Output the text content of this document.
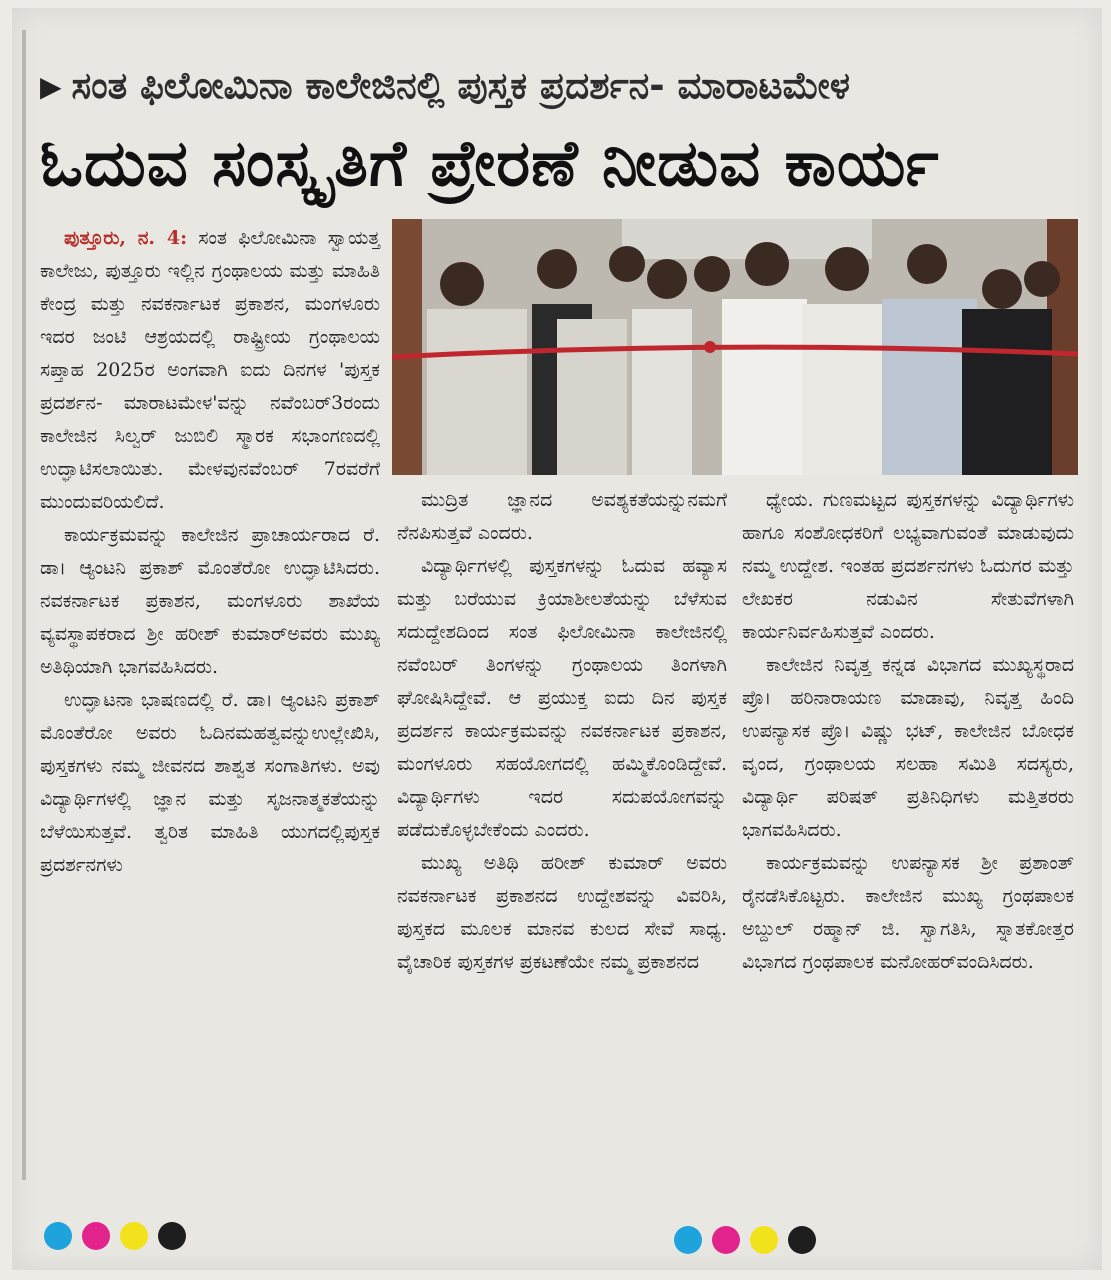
▶ ಸಂತ ಫಿಲೋಮಿನಾ ಕಾಲೇಜಿನಲ್ಲಿ ಪುಸ್ತಕ ಪ್ರದರ್ಶನ- ಮಾರಾಟಮೇಳ
ಓದುವ ಸಂಸ್ಕೃತಿಗೆ ಪ್ರೇರಣೆ ನೀಡುವ ಕಾರ್ಯ

ಪುತ್ತೂರು, ನ. 4: ಸಂತ ಫಿಲೋಮಿನಾ ಸ್ವಾಯತ್ತ ಕಾಲೇಜು, ಪುತ್ತೂರು ಇಲ್ಲಿನ ಗ್ರಂಥಾಲಯ ಮತ್ತು ಮಾಹಿತಿ ಕೇಂದ್ರ ಮತ್ತು ನವಕರ್ನಾಟಕ ಪ್ರಕಾಶನ, ಮಂಗಳೂರು ಇದರ ಜಂಟಿ ಆಶ್ರಯದಲ್ಲಿ ರಾಷ್ಟ್ರೀಯ ಗ್ರಂಥಾಲಯ ಸಪ್ತಾಹ 2025ರ ಅಂಗವಾಗಿ ಐದು ದಿನಗಳ 'ಪುಸ್ತಕ ಪ್ರದರ್ಶನ- ಮಾರಾಟಮೇಳ'ವನ್ನು ನವೆಂಬರ್3ರಂದು ಕಾಲೇಜಿನ ಸಿಲ್ವರ್ ಜುಬಿಲಿ ಸ್ಮಾರಕ ಸಭಾಂಗಣದಲ್ಲಿ ಉದ್ಘಾಟಿಸಲಾಯಿತು. ಮೇಳವುನವೆಂಬರ್ 7ರವರೆಗೆ ಮುಂದುವರಿಯಲಿದೆ.

ಕಾರ್ಯಕ್ರಮವನ್ನು ಕಾಲೇಜಿನ ಪ್ರಾಚಾರ್ಯರಾದ ರೆ. ಡಾ। ಆ್ಯಂಟನಿ ಪ್ರಕಾಶ್ ಮೊಂತೆರೋ ಉದ್ಘಾಟಿಸಿದರು. ನವಕರ್ನಾಟಕ ಪ್ರಕಾಶನ, ಮಂಗಳೂರು ಶಾಖೆಯ ವ್ಯವಸ್ಥಾಪಕರಾದ ಶ್ರೀ ಹರೀಶ್ ಕುಮಾರ್‌ಅವರು ಮುಖ್ಯ ಅತಿಥಿಯಾಗಿ ಭಾಗವಹಿಸಿದರು.

ಉದ್ಘಾಟನಾ ಭಾಷಣದಲ್ಲಿ ರೆ. ಡಾ। ಆ್ಯಂಟನಿ ಪ್ರಕಾಶ್ ಮೊಂತೆರೋ ಅವರು ಓದಿನಮಹತ್ವವನ್ನುಉಲ್ಲೇಖಿಸಿ, ಪುಸ್ತಕಗಳು ನಮ್ಮ ಜೀವನದ ಶಾಶ್ವತ ಸಂಗಾತಿಗಳು. ಅವು ವಿದ್ಯಾರ್ಥಿಗಳಲ್ಲಿ ಜ್ಞಾನ ಮತ್ತು ಸೃಜನಾತ್ಮಕತೆಯನ್ನು ಬೆಳೆಯಿಸುತ್ತವೆ. ತ್ವರಿತ ಮಾಹಿತಿ ಯುಗದಲ್ಲಿಪುಸ್ತಕ ಪ್ರದರ್ಶನಗಳು

ಮುದ್ರಿತ ಜ್ಞಾನದ ಅವಶ್ಯಕತೆಯನ್ನುನಮಗೆ ನೆನಪಿಸುತ್ತವೆ ಎಂದರು.

ವಿದ್ಯಾರ್ಥಿಗಳಲ್ಲಿ ಪುಸ್ತಕಗಳನ್ನು ಓದುವ ಹವ್ಯಾಸ ಮತ್ತು ಬರೆಯುವ ಕ್ರಿಯಾಶೀಲತೆಯನ್ನು ಬೆಳೆಸುವ ಸದುದ್ದೇಶದಿಂದ ಸಂತ ಫಿಲೋಮಿನಾ ಕಾಲೇಜಿನಲ್ಲಿ ನವೆಂಬರ್ ತಿಂಗಳನ್ನು ಗ್ರಂಥಾಲಯ ತಿಂಗಳಾಗಿ ಘೋಷಿಸಿದ್ದೇವೆ. ಆ ಪ್ರಯುಕ್ತ ಐದು ದಿನ ಪುಸ್ತಕ ಪ್ರದರ್ಶನ ಕಾರ್ಯಕ್ರಮವನ್ನು ನವಕರ್ನಾಟಕ ಪ್ರಕಾಶನ, ಮಂಗಳೂರು ಸಹಯೋಗದಲ್ಲಿ ಹಮ್ಮಿಕೊಂಡಿದ್ದೇವೆ. ವಿದ್ಯಾರ್ಥಿಗಳು ಇದರ ಸದುಪಯೋಗವನ್ನು ಪಡೆದುಕೊಳ್ಳಬೇಕೆಂದು ಎಂದರು.

ಮುಖ್ಯ ಅತಿಥಿ ಹರೀಶ್ ಕುಮಾರ್ ಅವರು ನವಕರ್ನಾಟಕ ಪ್ರಕಾಶನದ ಉದ್ದೇಶವನ್ನು ವಿವರಿಸಿ, ಪುಸ್ತಕದ ಮೂಲಕ ಮಾನವ ಕುಲದ ಸೇವೆ ಸಾಧ್ಯ. ವೈಚಾರಿಕ ಪುಸ್ತಕಗಳ ಪ್ರಕಟಣೆಯೇ ನಮ್ಮ ಪ್ರಕಾಶನದ

ಧ್ಯೇಯ. ಗುಣಮಟ್ಟದ ಪುಸ್ತಕಗಳನ್ನು ವಿದ್ಯಾರ್ಥಿಗಳು ಹಾಗೂ ಸಂಶೋಧಕರಿಗೆ ಲಭ್ಯವಾಗುವಂತೆ ಮಾಡುವುದು ನಮ್ಮ ಉದ್ದೇಶ. ಇಂತಹ ಪ್ರದರ್ಶನಗಳು ಓದುಗರ ಮತ್ತು ಲೇಖಕರ ನಡುವಿನ ಸೇತುವೆಗಳಾಗಿ ಕಾರ್ಯನಿರ್ವಹಿಸುತ್ತವೆ ಎಂದರು.

ಕಾಲೇಜಿನ ನಿವೃತ್ತ ಕನ್ನಡ ವಿಭಾಗದ ಮುಖ್ಯಸ್ಥರಾದ ಪ್ರೊ। ಹರಿನಾರಾಯಣ ಮಾಡಾವು, ನಿವೃತ್ತ ಹಿಂದಿ ಉಪನ್ಯಾಸಕ ಪ್ರೊ। ವಿಷ್ಣು ಭಟ್, ಕಾಲೇಜಿನ ಬೋಧಕ ವೃಂದ, ಗ್ರಂಥಾಲಯ ಸಲಹಾ ಸಮಿತಿ ಸದಸ್ಯರು, ವಿದ್ಯಾರ್ಥಿ ಪರಿಷತ್ ಪ್ರತಿನಿಧಿಗಳು ಮತ್ತಿತರರು ಭಾಗವಹಿಸಿದರು.

ಕಾರ್ಯಕ್ರಮವನ್ನು ಉಪನ್ಯಾಸಕ ಶ್ರೀ ಪ್ರಶಾಂತ್ ರೈನಡೆಸಿಕೊಟ್ಟರು. ಕಾಲೇಜಿನ ಮುಖ್ಯ ಗ್ರಂಥಪಾಲಕ ಅಬ್ದುಲ್ ರಹ್ಮಾನ್ ಜಿ. ಸ್ವಾಗತಿಸಿ, ಸ್ನಾತಕೋತ್ತರ ವಿಭಾಗದ ಗ್ರಂಥಪಾಲಕ ಮನೋಹರ್‌ವಂದಿಸಿದರು.
